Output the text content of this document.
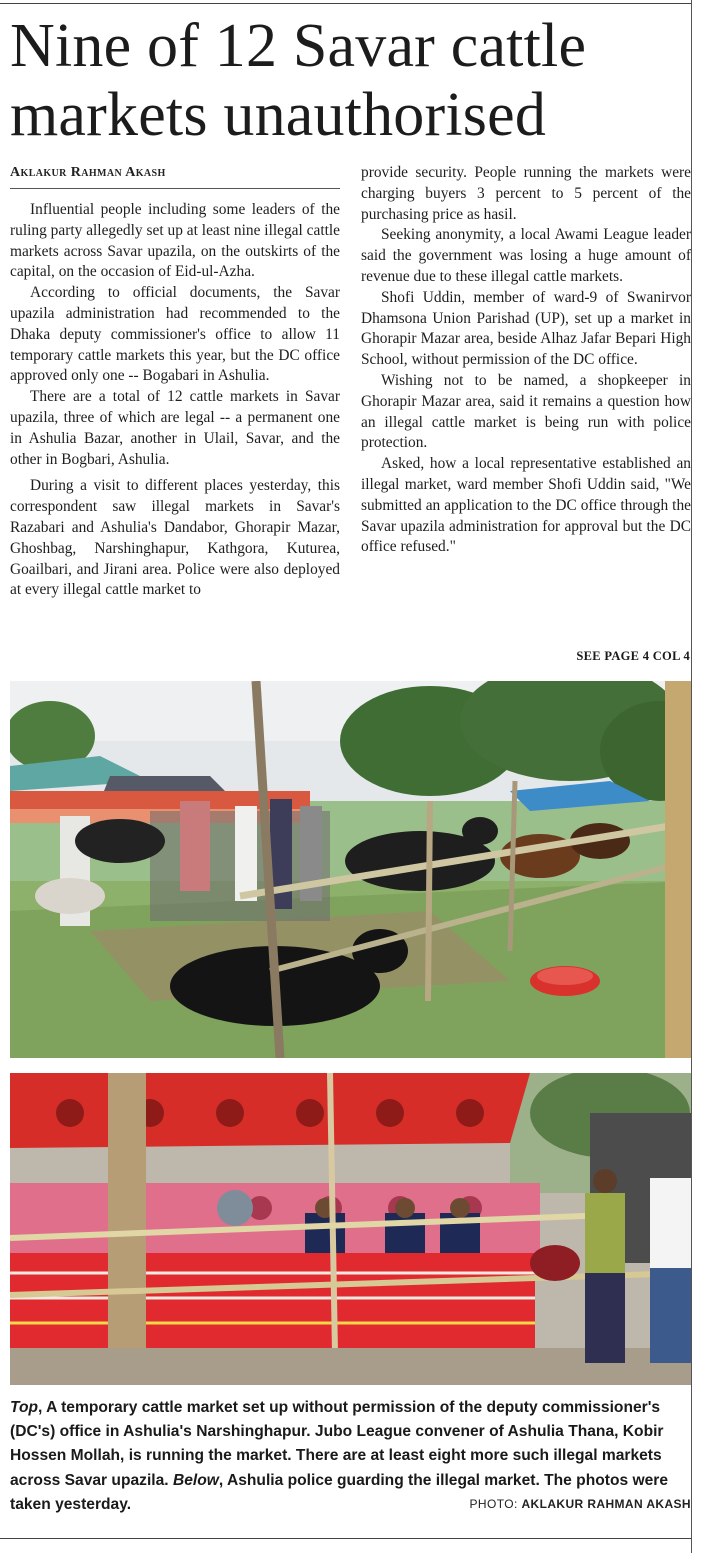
Nine of 12 Savar cattle markets unauthorised
Aklakur Rahman Akash

Influential people including some leaders of the ruling party allegedly set up at least nine illegal cattle markets across Savar upazila, on the outskirts of the capital, on the occasion of Eid-ul-Azha.

According to official documents, the Savar upazila administration had recommended to the Dhaka deputy commissioner's office to allow 11 temporary cattle markets this year, but the DC office approved only one -- Bogabari in Ashulia.

There are a total of 12 cattle markets in Savar upazila, three of which are legal -- a permanent one in Ashulia Bazar, another in Ulail, Savar, and the other in Bogbari, Ashulia.

During a visit to different places yesterday, this correspondent saw illegal markets in Savar's Razabari and Ashulia's Dandabor, Ghorapir Mazar, Ghoshbag, Narshinghapur, Kathgora, Kuturea, Goailbari, and Jirani area. Police were also deployed at every illegal cattle market to

provide security. People running the markets were charging buyers 3 percent to 5 percent of the purchasing price as hasil.

Seeking anonymity, a local Awami League leader said the government was losing a huge amount of revenue due to these illegal cattle markets.

Shofi Uddin, member of ward-9 of Swanirvor Dhamsona Union Parishad (UP), set up a market in Ghorapir Mazar area, beside Alhaz Jafar Bepari High School, without permission of the DC office.

Wishing not to be named, a shopkeeper in Ghorapir Mazar area, said it remains a question how an illegal cattle market is being run with police protection.

Asked, how a local representative established an illegal market, ward member Shofi Uddin said, "We submitted an application to the DC office through the Savar upazila administration for approval but the DC office refused."

SEE PAGE 4 COL 4
Top, A temporary cattle market set up without permission of the deputy commissioner's (DC's) office in Ashulia's Narshinghapur. Jubo League convener of Ashulia Thana, Kobir Hossen Mollah, is running the market. There are at least eight more such illegal markets across Savar upazila. Below, Ashulia police guarding the illegal market. The photos were taken yesterday.	PHOTO: AKLAKUR RAHMAN AKASH
